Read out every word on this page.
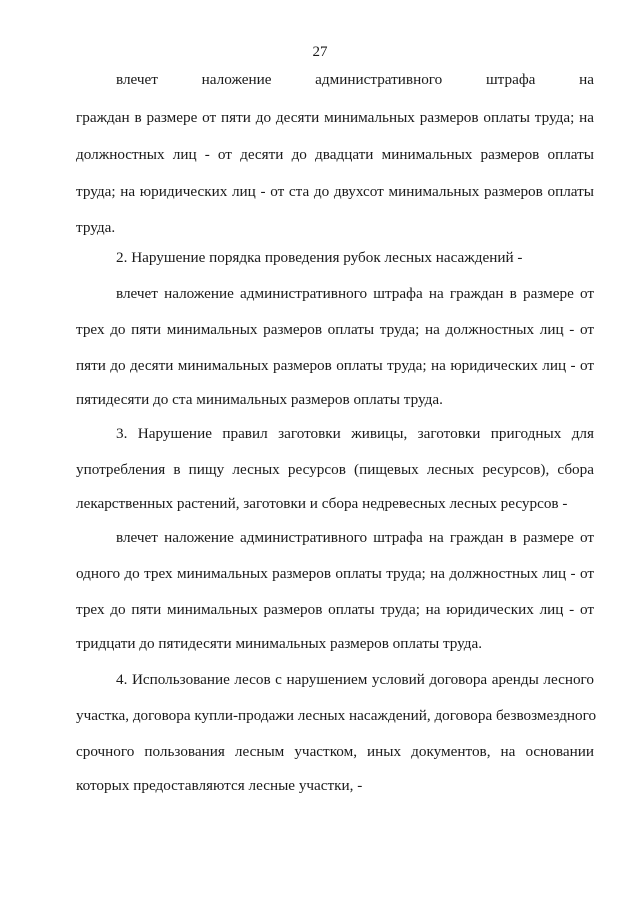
27
влечет наложение административного штрафа на
граждан в размере от пяти до десяти минимальных размеров оплаты труда; на
должностных лиц - от десяти до двадцати минимальных размеров оплаты
труда; на юридических лиц - от ста до двухсот минимальных размеров оплаты
труда.
2. Нарушение порядка проведения рубок лесных насаждений -
влечет наложение административного штрафа на граждан в размере от
трех до пяти минимальных размеров оплаты труда; на должностных лиц - от
пяти до десяти минимальных размеров оплаты труда; на юридических лиц - от
пятидесяти до ста минимальных размеров оплаты труда.
3. Нарушение правил заготовки живицы, заготовки пригодных для
употребления в пищу лесных ресурсов (пищевых лесных ресурсов), сбора
лекарственных растений, заготовки и сбора недревесных лесных ресурсов -
влечет наложение административного штрафа на граждан в размере от
одного до трех минимальных размеров оплаты труда; на должностных лиц - от
трех до пяти минимальных размеров оплаты труда; на юридических лиц - от
тридцати до пятидесяти минимальных размеров оплаты труда.
4. Использование лесов с нарушением условий договора аренды лесного
участка, договора купли-продажи лесных насаждений, договора безвозмездного
срочного пользования лесным участком, иных документов, на основании
которых предоставляются лесные участки, -
